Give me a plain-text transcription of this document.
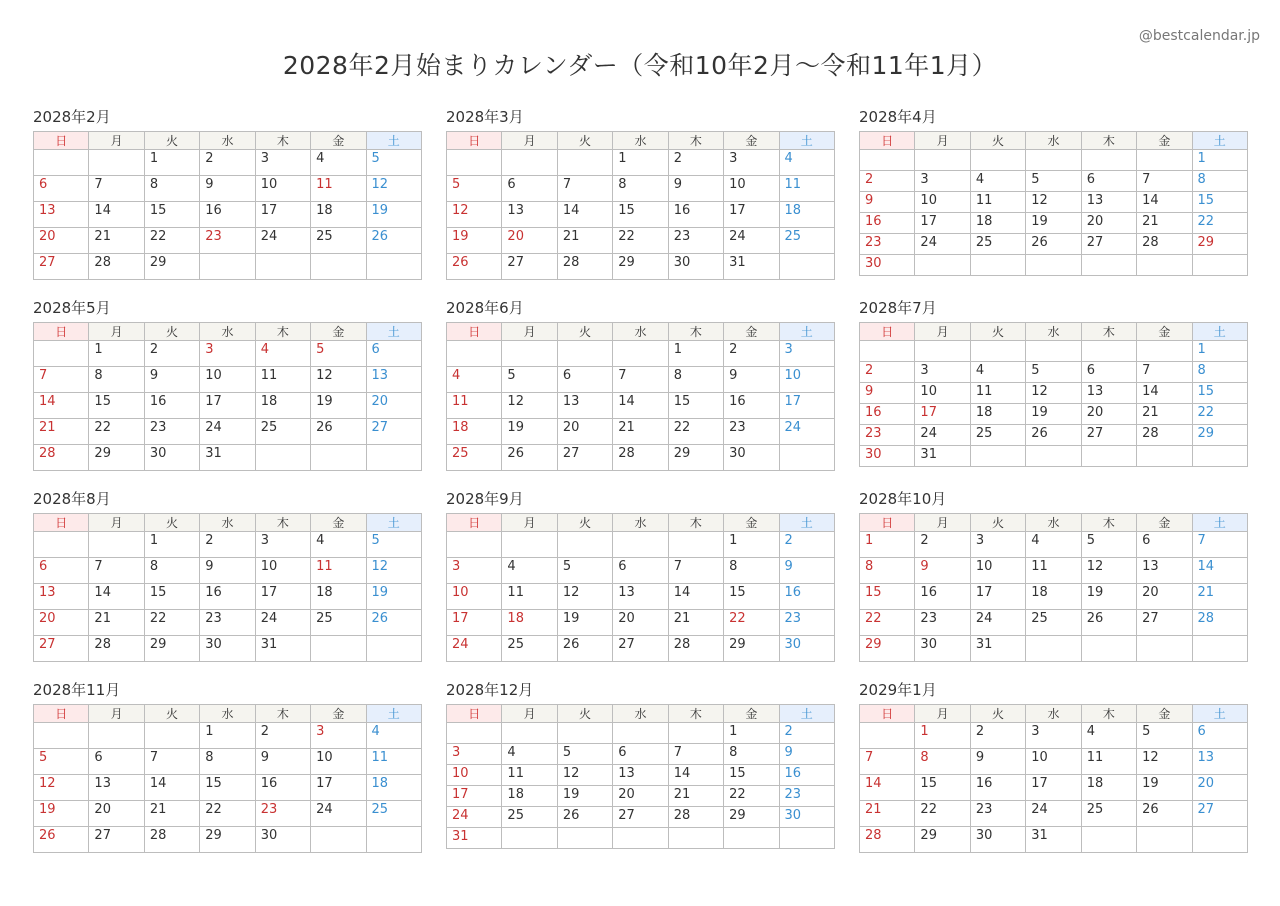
@bestcalendar.jp
2028年2月始まりカレンダー（令和10年2月〜令和11年1月）
2028年2月
日	月	火	水	木	金	土
		1	2	3	4	5
6	7	8	9	10	11	12
13	14	15	16	17	18	19
20	21	22	23	24	25	26
27	28	29				
2028年3月
日	月	火	水	木	金	土
			1	2	3	4
5	6	7	8	9	10	11
12	13	14	15	16	17	18
19	20	21	22	23	24	25
26	27	28	29	30	31	
2028年4月
日	月	火	水	木	金	土
						1
2	3	4	5	6	7	8
9	10	11	12	13	14	15
16	17	18	19	20	21	22
23	24	25	26	27	28	29
30						
2028年5月
日	月	火	水	木	金	土
	1	2	3	4	5	6
7	8	9	10	11	12	13
14	15	16	17	18	19	20
21	22	23	24	25	26	27
28	29	30	31			
2028年6月
日	月	火	水	木	金	土
				1	2	3
4	5	6	7	8	9	10
11	12	13	14	15	16	17
18	19	20	21	22	23	24
25	26	27	28	29	30	
2028年7月
日	月	火	水	木	金	土
						1
2	3	4	5	6	7	8
9	10	11	12	13	14	15
16	17	18	19	20	21	22
23	24	25	26	27	28	29
30	31					
2028年8月
日	月	火	水	木	金	土
		1	2	3	4	5
6	7	8	9	10	11	12
13	14	15	16	17	18	19
20	21	22	23	24	25	26
27	28	29	30	31		
2028年9月
日	月	火	水	木	金	土
					1	2
3	4	5	6	7	8	9
10	11	12	13	14	15	16
17	18	19	20	21	22	23
24	25	26	27	28	29	30
2028年10月
日	月	火	水	木	金	土
1	2	3	4	5	6	7
8	9	10	11	12	13	14
15	16	17	18	19	20	21
22	23	24	25	26	27	28
29	30	31				
2028年11月
日	月	火	水	木	金	土
			1	2	3	4
5	6	7	8	9	10	11
12	13	14	15	16	17	18
19	20	21	22	23	24	25
26	27	28	29	30		
2028年12月
日	月	火	水	木	金	土
					1	2
3	4	5	6	7	8	9
10	11	12	13	14	15	16
17	18	19	20	21	22	23
24	25	26	27	28	29	30
31						
2029年1月
日	月	火	水	木	金	土
	1	2	3	4	5	6
7	8	9	10	11	12	13
14	15	16	17	18	19	20
21	22	23	24	25	26	27
28	29	30	31			
